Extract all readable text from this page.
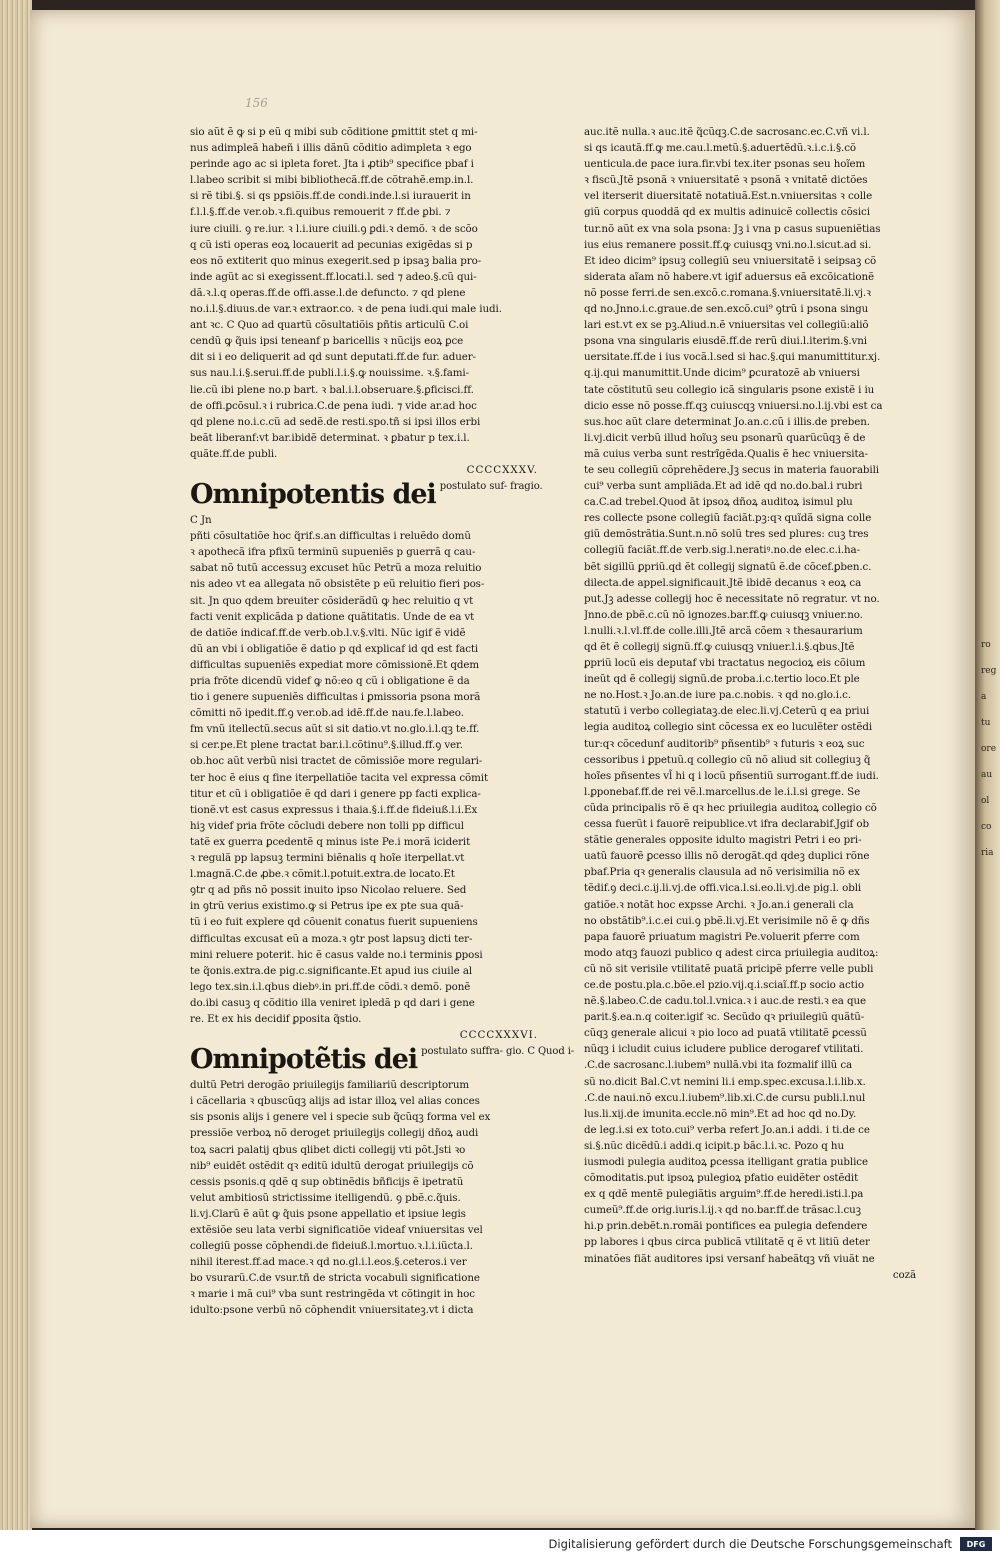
156
ro
reg
a
tu
ore
au
ol
co
ria

sio aũt ẽ ꝙ si p eũ q mibi sub cõditione ꝑmittit stet q mi-

nus adimpleã habeñ i illis dãnũ cõditio adimpleta ꝛ ego

perinde ago ac si ipleta foret. Jta i ꝓtib⁹ specifice pbaf i

l.labeo scribit si mibi bibliothecã.ff.de cõtrahẽ.emp.in.l.

si rẽ tibi.§. si qs pꝑsiõis.ff.de condi.inde.l.si iurauerit in

f.l.l.§.ff.de ver.ob.ꝛ.fi.quibus remouerit ⁊ ff.de ꝑbi. ⁊

iure ciuili. ꝯ re.iur. ꝛ l.i.iure ciuili.ꝯ ꝑdi.ꝛ demõ. ꝛ de scõo

q cũ isti operas eoꝝ locauerit ad pecunias exigẽdas si p

eos nõ extiterit quo minus exegerit.sed p ipsaꝫ balia pro-

inde agũt ac si exegissent.ff.locati.l. sed ⁊ adeo.§.cũ qui-

dã.ꝛ.l.q operas.ff.de offi.asse.l.de defuncto. ⁊ qd plene

no.i.l.§.diuus.de var.ꝛ extraor.co. ꝛ de pena iudi.qui male iudi.

ant ꝛc. C Quo ad quartũ cõsultatiõis pñtis articulũ C.oi

cendũ ꝙ q̃uis ipsi teneanf p baricellis ꝛ nũcijs eoꝝ ꝑce

dit si i eo deliquerit ad qd sunt deputati.ff.de fur. aduer-

sus nau.l.i.§.serui.ff.de publi.l.i.§.ꝙ nouissime. ꝛ.§.fami-

lie.cũ ibi plene no.p bart. ꝛ bal.i.l.obseruare.§.ꝑficisci.ff.

de offi.ꝑcõsul.ꝛ i rubrica.C.de pena iudi. ⁊ vide ar.ad hoc

qd plene no.i.c.cũ ad sedẽ.de resti.spo.tñ si ipsi illos erbi

beãt liberanf:vt bar.ibidẽ determinat. ꝛ ꝑbatur p tex.i.l.

quãte.ff.de publi.

CCCCXXXV.

Omnipotentis dei postulato suf- fragio.

C Jn

pñti cõsultatiõe hoc q̃rif.s.an difficultas i reluẽdo domũ

ꝛ apothecã ifra pfixũ terminũ supueniẽs p guerrã q cau-

sabat nõ tutũ accessuꝫ excuset hũc Petrũ a moza reluitio

nis adeo vt ea allegata nõ obsistẽte p eũ reluitio fieri pos-

sit. Jn quo qdem breuiter cõsiderãdũ ꝙ hec reluitio q vt

facti venit explicãda p datione quãtitatis. Unde de ea vt

de datiõe indicaf.ff.de verb.ob.l.v.§.vlti. Nũc igif ẽ vidẽ

dũ an vbi i obligatiõe ẽ datio p qd explicaf id qd est facti

difficultas supueniẽs expediat more cõmissionẽ.Et qdem

pria frõte dicendũ videf ꝙ nõ:eo q cũ i obligatione ẽ da

tio i genere supueniẽs difficultas i ꝑmissoria psona morã

cõmitti nõ ipedit.ff.ꝯ ver.ob.ad idẽ.ff.de nau.fe.l.labeo.

fm vnũ itellectũ.secus aũt si sit datio.vt no.glo.i.l.qꝫ te.ff.

si cer.pe.Et plene tractat bar.i.l.cõtinu⁹.§.illud.ff.ꝯ ver.

ob.hoc aũt verbũ nisi tractet de cõmissiõe more regulari-

ter hoc ẽ eius q fine iterpellatiõe tacita vel expressa cõmit

titur et cũ i obligatiõe ẽ qd dari i genere pp facti explica-

tionẽ.vt est casus expressus i thaia.§.i.ff.de fideiuß.l.i.Ex

hiꝫ videf pria frõte cõcludi debere non tolli pp difficul

tatẽ ex guerra ꝑcedentẽ q minus iste Pe.i morã iciderit

ꝛ regulã pp lapsuꝫ termini biẽnalis q hoĩe iterpellat.vt

l.magnã.C.de ꝓbe.ꝛ cõmit.l.potuit.extra.de locato.Et

ꝯtr q ad pñs nõ possit inuito ipso Nicolao reluere. Sed

in ꝯtrũ verius existimo.ꝙ si Petrus ipe ex pte sua quã-

tũ i eo fuit explere qd cõuenit conatus fuerit supueniens

difficultas excusat eũ a moza.ꝛ ꝯtr post lapsuꝫ dicti ter-

mini reluere poterit. hic ẽ casus valde no.i terminis ꝑposi

te q̃onis.extra.de pig.c.significante.Et apud ius ciuile al

lego tex.sin.i.l.qbus diebꝰ.in pri.ff.de cõdi.ꝛ demõ. ponẽ

do.ibi casuꝫ q cõditio illa veniret ipledã p qd dari i gene

re. Et ex his decidif ꝑposita q̃stio.

CCCCXXXVI.

Omnipotẽtis dei postulato suffra- gio. C Quod i-

dultũ Petri derogão priuilegijs familiariũ descriptorum

i cãcellaria ꝛ qbuscũqꝫ alijs ad istar illoꝝ vel alias conces

sis psonis alijs i genere vel i specie sub q̃cũqꝫ forma vel ex

pressiõe verboꝝ nõ deroget priuilegijs collegij dñoꝝ audi

toꝝ sacri palatij qbus qlibet dicti collegij vti põt.Jsti ꝛo

nib⁹ euidẽt ostẽdit qꝛ editũ idultũ derogat priuilegijs cõ

cessis psonis.q qdẽ q sup obtinẽdis bñficijs ẽ ipetratũ

velut ambitiosũ strictissime itelligendũ. ꝯ pbẽ.c.q̃uis.

li.vj.Clarũ ẽ aũt ꝙ q̃uis psone appellatio et ipsiue legis

extẽsiõe seu lata verbi significatiõe videaf vniuersitas vel

collegiũ posse cõphendi.de fideiuß.l.mortuo.ꝛ.l.i.iũcta.l.

nihil iterest.ff.ad mace.ꝛ qd no.gl.i.l.eos.§.ceteros.i ver

bo vsurarũ.C.de vsur.tñ de stricta vocabuli significatione

ꝛ marie i mã cui⁹ vba sunt restringẽda vt cõtingit in hoc

idulto:psone verbũ nõ cõphendit vniuersitateꝫ.vt i dicta

auc.itẽ nulla.ꝛ auc.itẽ q̃cũqꝫ.C.de sacrosanc.ec.C.vñ vi.l.

si qs icautã.ff.ꝙ me.cau.l.metũ.§.aduertẽdũ.ꝛ.i.c.i.§.cõ

uenticula.de pace iura.fir.vbi tex.iter psonas seu hoĩem

ꝛ fiscũ.Jtẽ psonã ꝛ vniuersitatẽ ꝛ psonã ꝛ vnitatẽ dictões

vel iterserit diuersitatẽ notatiuã.Est.n.vniuersitas ꝛ colle

giũ corpus quoddã qd ex multis adinuicẽ collectis cõsici

tur.nõ aũt ex vna sola psona: Jꝫ i vna p casus supueniẽtias

ius eius remanere possit.ff.ꝙ cuiusqꝫ vni.no.l.sicut.ad si.

Et ideo dicim⁹ ipsuꝫ collegiũ seu vniuersitatẽ i seipsaꝫ cõ

siderata aĩam nõ habere.vt igif aduersus eã excõicationẽ

nõ posse ferri.de sen.excõ.c.romana.§.vniuersitatẽ.li.vj.ꝛ

qd no.Jnno.i.c.graue.de sen.excõ.cui⁹ ꝯtrũ i psona singu

lari est.vt ex se pꝫ.Aliud.n.ẽ vniuersitas vel collegiũ:aliõ

psona vna singularis eiusdẽ.ff.de rerũ diui.l.iterim.§.vni

uersitate.ff.de i ius vocã.l.sed si hac.§.qui manumittitur.xj.

q.ij.qui manumittit.Unde dicim⁹ ꝑcuratozẽ ab vniuersi

tate cõstitutũ seu collegio icã singularis psone existẽ i iu

dicio esse nõ posse.ff.qꝫ cuiuscqꝫ vniuersi.no.l.ij.vbi est ca

sus.hoc aũt clare determinat Jo.an.c.cũ i illis.de preben.

li.vj.dicit verbũ illud hoĩuꝫ seu psonarũ quarũcũqꝫ ẽ de

mã cuius verba sunt restrĩgẽda.Qualis ẽ hec vniuersita-

te seu collegiũ cõprehẽdere.Jꝫ secus in materia fauorabili

cui⁹ verba sunt ampliãda.Et ad idẽ qd no.do.bal.i rubri

ca.C.ad trebel.Quod āt ipsoꝝ dñoꝝ auditoꝝ isimul plu

res collecte psone collegiũ faciãt.pꝫ:qꝛ quĩdã signa colle

giũ demõstrãtia.Sunt.n.nõ solũ tres sed plures: cuꝫ tres

collegiũ faciãt.ff.de verb.sig.l.neratiꝰ.no.de elec.c.i.ha-

bẽt sigillũ ꝑpriũ.qd ẽt collegij signatũ ẽ.de cõcef.ꝑben.c.

dilecta.de appel.significauit.Jtẽ ibidẽ decanus ꝛ eoꝝ ca

put.Jꝫ adesse collegij hoc ẽ necessitate nõ regratur. vt no.

Jnno.de pbẽ.c.cũ nõ ignozes.bar.ff.ꝙ cuiusqꝫ vniuer.no.

l.nulli.ꝛ.l.vl.ff.de colle.illi.Jtẽ arcã cõem ꝛ thesaurarium

qd ẽt ẽ collegij signũ.ff.ꝙ cuiusqꝫ vniuer.l.i.§.qbus.Jtẽ

ꝑpriũ locũ eis deputaf vbi tractatus negocioꝝ eis cõium

ineũt qd ẽ collegij signũ.de proba.i.c.tertio loco.Et ple

ne no.Host.ꝛ Jo.an.de iure pa.c.nobis. ꝛ qd no.glo.i.c.

statutũ i verbo collegiataꝫ.de elec.li.vj.Ceterũ q ea priui

legia auditoꝝ collegio sint cõcessa ex eo luculẽter ostẽdi

tur:qꝛ cõcedunf auditorib⁹ pñsentib⁹ ꝛ futuris ꝛ eoꝝ suc

cessoribus i ꝑpetuũ.q collegio cũ nõ aliud sit collegiuꝫ q̃

hoĩes pñsentes vl̃ hi q i locũ pñsentiũ surrogant.ff.de iudi.

l.ꝑponebaf.ff.de rei vẽ.l.marcellus.de le.i.l.si grege. Se

cũda principalis rõ ẽ qꝛ hec priuilegia auditoꝝ collegio cõ

cessa fuerũt i fauorẽ reipublice.vt ifra declarabif.Jgif ob

stãtie generales opposite idulto magistri Petri i eo pri-

uatũ fauorẽ ꝑcesso illis nõ derogãt.qd qdeꝫ duplici rõne

pbaf.Pria qꝛ generalis clausula ad nõ verisimilia nõ ex

tẽdif.ꝯ deci.c.ij.li.vj.de offi.vica.l.si.eo.li.vj.de pig.l. obli

gatiõe.ꝛ notãt hoc expsse Archi. ꝛ Jo.an.i generali cla

no obstãtib⁹.i.c.ei cui.ꝯ pbẽ.li.vj.Et verisimile nõ ẽ ꝙ dñs

papa fauorẽ priuatum magistri Pe.voluerit pferre com

modo atqꝫ fauozi publico q adest circa priuilegia auditoꝝ:

cũ nõ sit verisile vtilitatẽ puatã pricipẽ pferre velle publi

ce.de postu.pla.c.bõe.el pzio.vij.q.i.sciaĩ.ff.p socio actio

nẽ.§.labeo.C.de cadu.tol.l.vnica.ꝛ i auc.de resti.ꝛ ea que

parit.§.ea.n.q coiter.igif ꝛc. Secũdo qꝛ priuilegiũ quãtũ-

cũqꝫ generale alicui ꝛ pio loco ad puatã vtilitatẽ ꝑcessũ

nũqꝫ i icludit cuius icludere publice derogaref vtilitati.

.C.de sacrosanc.l.iubem⁹ nullã.vbi ita fozmalif illũ ca

sũ no.dicit Bal.C.vt nemini li.i emp.spec.excusa.l.i.lib.x.

.C.de naui.nõ excu.l.iubem⁹.lib.xi.C.de cursu publi.l.nul

lus.li.xij.de imunita.eccle.nõ min⁹.Et ad hoc qd no.Dy.

de leg.i.si ex toto.cui⁹ verba refert Jo.an.i addi. i ti.de ce

si.§.nũc dicẽdũ.i addi.q icipit.p bãc.l.i.ꝛc. Pozo q hu

iusmodi pulegia auditoꝝ ꝑcessa itelligant gratia publice

cõmoditatis.put ipsoꝝ pulegioꝝ pfatio euidẽter ostẽdit

ex q qdẽ mentẽ pulegiãtis arguim⁹.ff.de heredi.isti.l.pa

cumeũ⁹.ff.de orig.iuris.l.ij.ꝛ qd no.bar.ff.de trãsac.l.cuꝫ

hi.p prin.debẽt.n.romãi pontifices ea pulegia defendere

pp labores i qbus circa publicã vtilitatẽ q ẽ vt litiũ deter

minatões fiãt auditores ipsi versanf habeãtqꝫ vñ viuãt ne

cozã

Digitalisierung gefördert durch die Deutsche Forschungsgemeinschaft	DFG
